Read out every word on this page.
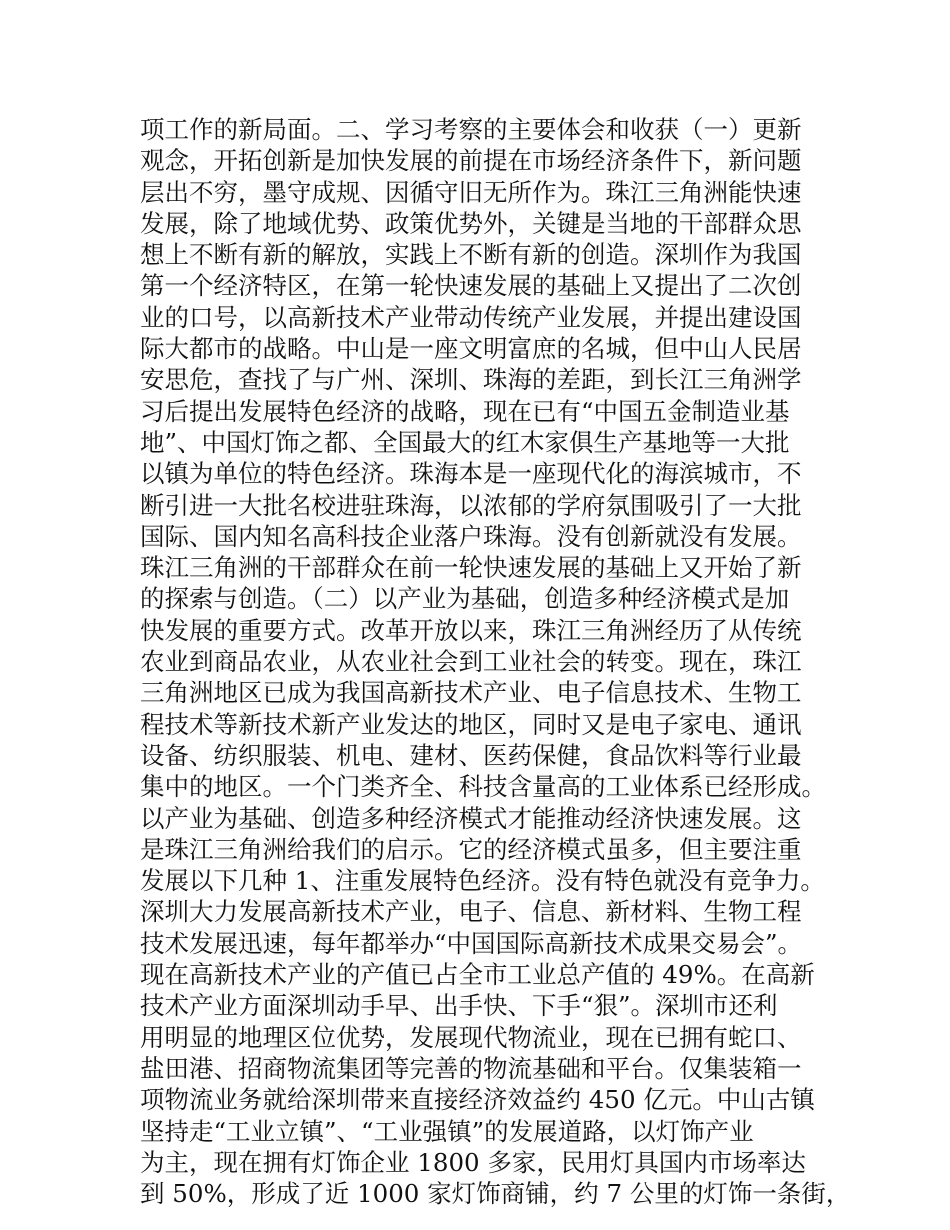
项工作的新局面。二、学习考察的主要体会和收获（一）更新
观念，开拓创新是加快发展的前提在市场经济条件下，新问题
层出不穷，墨守成规、因循守旧无所作为。珠江三角洲能快速
发展，除了地域优势、政策优势外，关键是当地的干部群众思
想上不断有新的解放，实践上不断有新的创造。深圳作为我国
第一个经济特区，在第一轮快速发展的基础上又提出了二次创
业的口号，以高新技术产业带动传统产业发展，并提出建设国
际大都市的战略。中山是一座文明富庶的名城，但中山人民居
安思危，查找了与广州、深圳、珠海的差距，到长江三角洲学
习后提出发展特色经济的战略，现在已有“中国五金制造业基
地”、中国灯饰之都、全国最大的红木家俱生产基地等一大批
以镇为单位的特色经济。珠海本是一座现代化的海滨城市，不
断引进一大批名校进驻珠海，以浓郁的学府氛围吸引了一大批
国际、国内知名高科技企业落户珠海。没有创新就没有发展。
珠江三角洲的干部群众在前一轮快速发展的基础上又开始了新
的探索与创造。（二）以产业为基础，创造多种经济模式是加
快发展的重要方式。改革开放以来，珠江三角洲经历了从传统
农业到商品农业，从农业社会到工业社会的转变。现在，珠江
三角洲地区已成为我国高新技术产业、电子信息技术、生物工
程技术等新技术新产业发达的地区，同时又是电子家电、通讯
设备、纺织服装、机电、建材、医药保健，食品饮料等行业最
集中的地区。一个门类齐全、科技含量高的工业体系已经形成。
以产业为基础、创造多种经济模式才能推动经济快速发展。这
是珠江三角洲给我们的启示。它的经济模式虽多，但主要注重
发展以下几种 1、注重发展特色经济。没有特色就没有竞争力。
深圳大力发展高新技术产业，电子、信息、新材料、生物工程
技术发展迅速，每年都举办“中国国际高新技术成果交易会”。
现在高新技术产业的产值已占全市工业总产值的 49%。在高新
技术产业方面深圳动手早、出手快、下手“狠”。深圳市还利
用明显的地理区位优势，发展现代物流业，现在已拥有蛇口、
盐田港、招商物流集团等完善的物流基础和平台。仅集装箱一
项物流业务就给深圳带来直接经济效益约 450 亿元。中山古镇
坚持走“工业立镇”、“工业强镇”的发展道路，以灯饰产业
为主，现在拥有灯饰企业 1800 多家，民用灯具国内市场率达
到 50%，形成了近 1000 家灯饰商铺，约 7 公里的灯饰一条街，
